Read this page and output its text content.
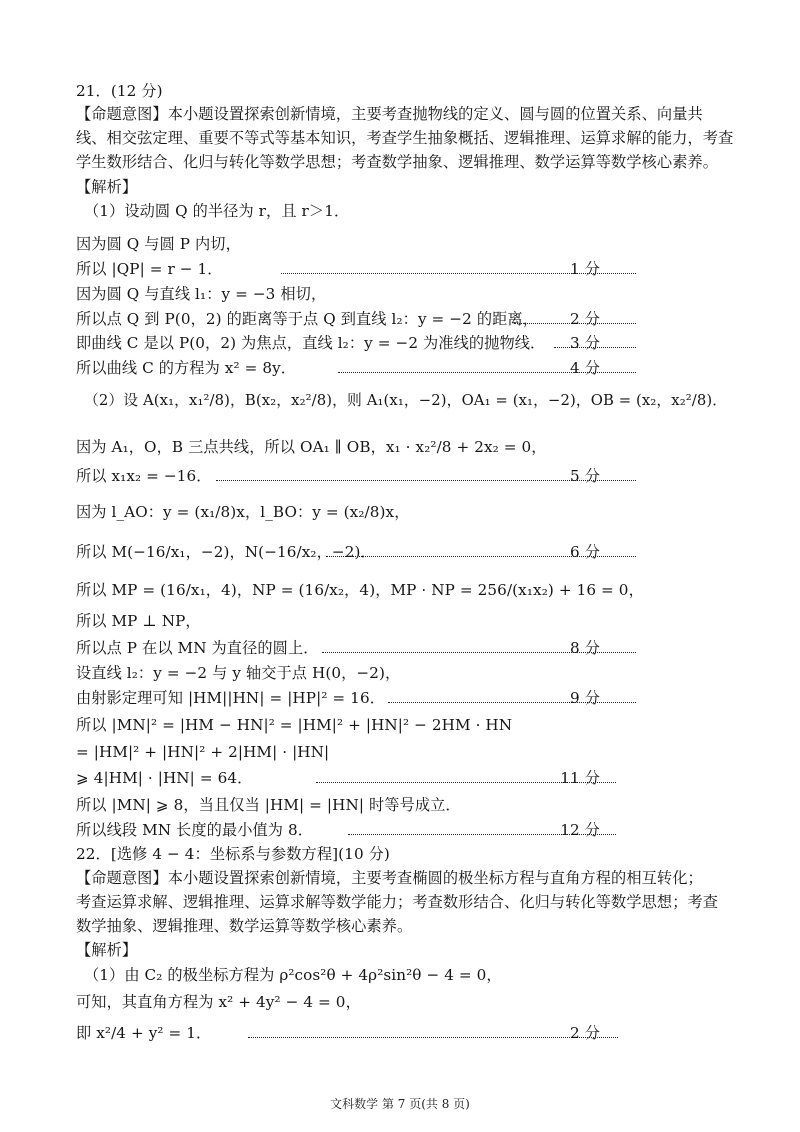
21．(12 分)
【命题意图】本小题设置探索创新情境，主要考查抛物线的定义、圆与圆的位置关系、向量共
线、相交弦定理、重要不等式等基本知识，考查学生抽象概括、逻辑推理、运算求解的能力，考查
学生数形结合、化归与转化等数学思想；考查数学抽象、逻辑推理、数学运算等数学核心素养。
【解析】
（1）设动圆 Q 的半径为 r，且 r＞1．
因为圆 Q 与圆 P 内切，
所以 |QP| = r − 1．	1 分
因为圆 Q 与直线 l₁：y = −3 相切，
所以点 Q 到 P(0，2) 的距离等于点 Q 到直线 l₂：y = −2 的距离， 2 分
即曲线 C 是以 P(0，2) 为焦点，直线 l₂：y = −2 为准线的抛物线． 3 分
所以曲线 C 的方程为 x² = 8y．	4 分
（2）设 A(x₁，x₁²/8)，B(x₂，x₂²/8)，则 A₁(x₁，−2)，OA₁ = (x₁，−2)，OB = (x₂，x₂²/8)．
因为 A₁，O，B 三点共线，所以 OA₁ ∥ OB，x₁ · x₂²/8 + 2x₂ = 0，
所以 x₁x₂ = −16．	5 分
因为 l_AO：y = (x₁/8)x，l_BO：y = (x₂/8)x，
所以 M(−16/x₁，−2)，N(−16/x₂，−2)．	6 分
所以 MP = (16/x₁，4)，NP = (16/x₂，4)，MP · NP = 256/(x₁x₂) + 16 = 0，
所以 MP ⊥ NP，
所以点 P 在以 MN 为直径的圆上．	8 分
设直线 l₂：y = −2 与 y 轴交于点 H(0，−2)，
由射影定理可知 |HM||HN| = |HP|² = 16．	9 分
所以 |MN|² = |HM − HN|² = |HM|² + |HN|² − 2HM · HN
= |HM|² + |HN|² + 2|HM| · |HN|
⩾ 4|HM| · |HN| = 64．	11 分
所以 |MN| ⩾ 8，当且仅当 |HM| = |HN| 时等号成立．
所以线段 MN 长度的最小值为 8．	12 分
22．[选修 4 − 4：坐标系与参数方程](10 分)
【命题意图】本小题设置探索创新情境，主要考查椭圆的极坐标方程与直角方程的相互转化；
考查运算求解、逻辑推理、运算求解等数学能力；考查数形结合、化归与转化等数学思想；考查
数学抽象、逻辑推理、数学运算等数学核心素养。
【解析】
（1）由 C₂ 的极坐标方程为 ρ²cos²θ + 4ρ²sin²θ − 4 = 0，
可知，其直角方程为 x² + 4y² − 4 = 0，
即 x²/4 + y² = 1．	2 分
文科数学 第 7 页(共 8 页)
